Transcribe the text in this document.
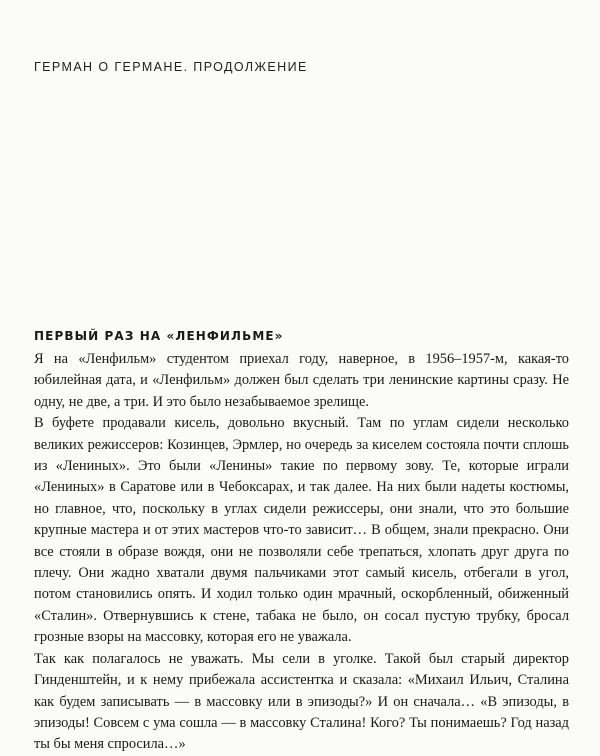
ГЕРМАН О ГЕРМАНЕ. ПРОДОЛЖЕНИЕ
ПЕРВЫЙ РАЗ НА «ЛЕНФИЛЬМЕ»

Я на «Ленфильм» студентом приехал году, наверное, в 1956–1957-м, какая-то юбилейная дата, и «Ленфильм» должен был сделать три ленинские картины сразу. Не одну, не две, а три. И это было незабываемое зрелище.

В буфете продавали кисель, довольно вкусный. Там по углам сидели несколько великих режиссеров: Козинцев, Эрмлер, но очередь за киселем состояла почти сплошь из «Лениных». Это были «Ленины» такие по первому зову. Те, которые играли «Лениных» в Саратове или в Чебоксарах, и так далее. На них были надеты костюмы, но главное, что, поскольку в углах сидели режиссеры, они знали, что это большие крупные мастера и от этих мастеров что-то зависит… В общем, знали прекрасно. Они все стояли в образе вождя, они не позволяли себе трепаться, хлопать друг друга по плечу. Они жадно хватали двумя пальчиками этот самый кисель, отбегали в угол, потом становились опять. И ходил только один мрачный, оскорбленный, обиженный «Сталин». Отвернувшись к стене, табака не было, он сосал пустую трубку, бросал грозные взоры на массовку, которая его не уважала.

Так как полагалось не уважать. Мы сели в уголке. Такой был старый директор Гинденштейн, и к нему прибежала ассистентка и сказала: «Михаил Ильич, Сталина как будем записывать — в массовку или в эпизоды?» И он сначала… «В эпизоды, в эпизоды! Совсем с ума сошла — в массовку Сталина! Кого? Ты понимаешь? Год назад ты бы меня спросила…»
